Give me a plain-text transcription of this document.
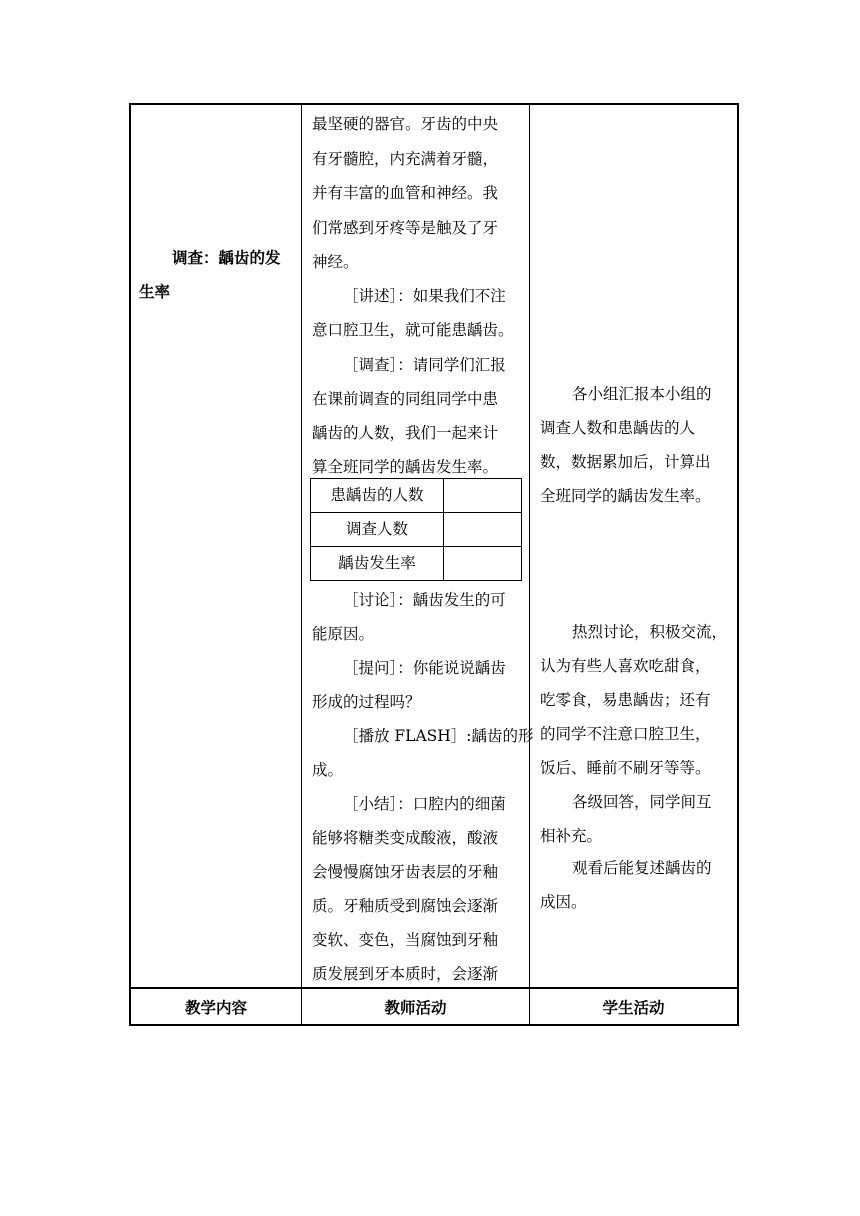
调查：龋齿的发
生率
最坚硬的器官。牙齿的中央
有牙髓腔，内充满着牙髓，
并有丰富的血管和神经。我
们常感到牙疼等是触及了牙
神经。
［讲述］：如果我们不注
意口腔卫生，就可能患龋齿。
［调查］：请同学们汇报
在课前调查的同组同学中患
龋齿的人数，我们一起来计
算全班同学的龋齿发生率。
患龋齿的人数
调查人数
龋齿发生率
［讨论］：龋齿发生的可
能原因。
［提问］：你能说说龋齿
形成的过程吗？
［播放 FLASH］:龋齿的形
成。
［小结］：口腔内的细菌
能够将糖类变成酸液，酸液
会慢慢腐蚀牙齿表层的牙釉
质。牙釉质受到腐蚀会逐渐
变软、变色，当腐蚀到牙釉
质发展到牙本质时，会逐渐
各小组汇报本小组的
调查人数和患龋齿的人
数，数据累加后，计算出
全班同学的龋齿发生率。
热烈讨论，积极交流，
认为有些人喜欢吃甜食，
吃零食，易患龋齿；还有
的同学不注意口腔卫生，
饭后、睡前不刷牙等等。
各级回答，同学间互
相补充。
观看后能复述龋齿的
成因。
教学内容	教师活动	学生活动
